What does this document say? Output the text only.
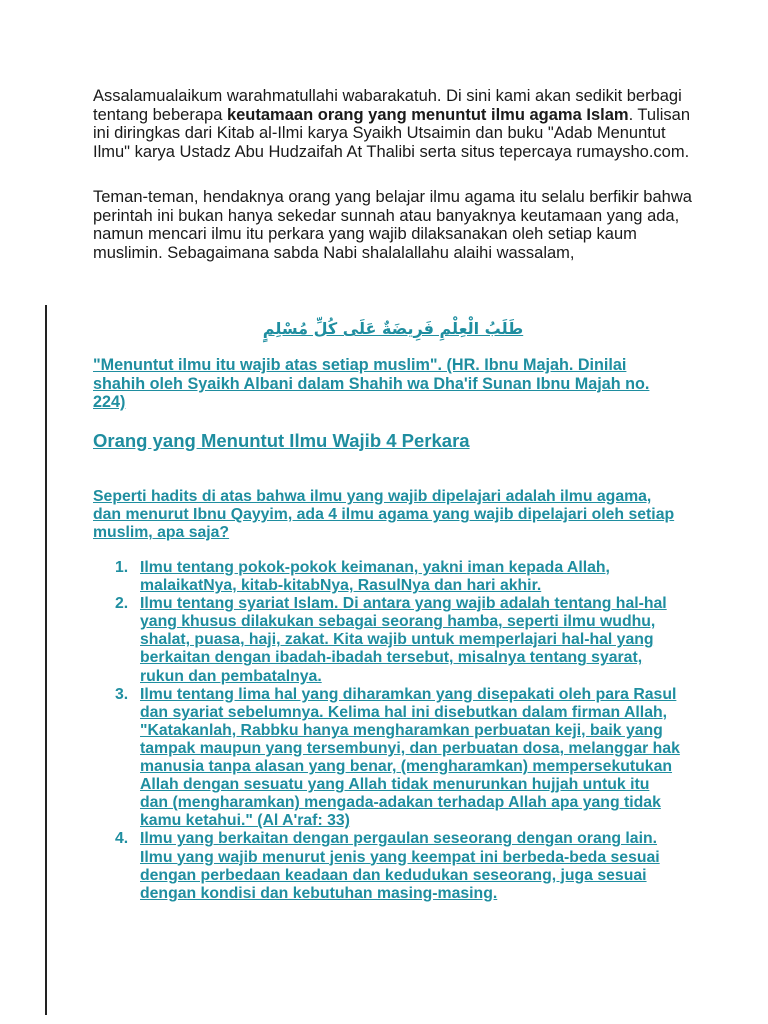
Assalamualaikum warahmatullahi wabarakatuh. Di sini kami akan sedikit berbagi tentang beberapa keutamaan orang yang menuntut ilmu agama Islam. Tulisan ini diringkas dari Kitab al-Ilmi karya Syaikh Utsaimin dan buku "Adab Menuntut Ilmu" karya Ustadz Abu Hudzaifah At Thalibi serta situs tepercaya rumaysho.com.

Teman-teman, hendaknya orang yang belajar ilmu agama itu selalu berfikir bahwa perintah ini bukan hanya sekedar sunnah atau banyaknya keutamaan yang ada, namun mencari ilmu itu perkara yang wajib dilaksanakan oleh setiap kaum muslimin. Sebagaimana sabda Nabi shalalallahu alaihi wassalam,

طَلَبُ الْعِلْمِ فَرِيضَةٌ عَلَى كُلِّ مُسْلِمٍ
"Menuntut ilmu itu wajib atas setiap muslim". (HR. Ibnu Majah. Dinilai shahih oleh Syaikh Albani dalam Shahih wa Dha'if Sunan Ibnu Majah no. 224)
Orang yang Menuntut Ilmu Wajib 4 Perkara
Seperti hadits di atas bahwa ilmu yang wajib dipelajari adalah ilmu agama, dan menurut Ibnu Qayyim, ada 4 ilmu agama yang wajib dipelajari oleh setiap muslim, apa saja?
1. Ilmu tentang pokok-pokok keimanan, yakni iman kepada Allah, malaikatNya, kitab-kitabNya, RasulNya dan hari akhir.
2. Ilmu tentang syariat Islam. Di antara yang wajib adalah tentang hal-hal yang khusus dilakukan sebagai seorang hamba, seperti ilmu wudhu, shalat, puasa, haji, zakat. Kita wajib untuk memperlajari hal-hal yang berkaitan dengan ibadah-ibadah tersebut, misalnya tentang syarat, rukun dan pembatalnya.
3. Ilmu tentang lima hal yang diharamkan yang disepakati oleh para Rasul dan syariat sebelumnya. Kelima hal ini disebutkan dalam firman Allah, "Katakanlah, Rabbku hanya mengharamkan perbuatan keji, baik yang tampak maupun yang tersembunyi, dan perbuatan dosa, melanggar hak manusia tanpa alasan yang benar, (mengharamkan) mempersekutukan Allah dengan sesuatu yang Allah tidak menurunkan hujjah untuk itu dan (mengharamkan) mengada-adakan terhadap Allah apa yang tidak kamu ketahui." (Al A'raf: 33)
4. Ilmu yang berkaitan dengan pergaulan seseorang dengan orang lain. Ilmu yang wajib menurut jenis yang keempat ini berbeda-beda sesuai dengan perbedaan keadaan dan kedudukan seseorang, juga sesuai dengan kondisi dan kebutuhan masing-masing.
